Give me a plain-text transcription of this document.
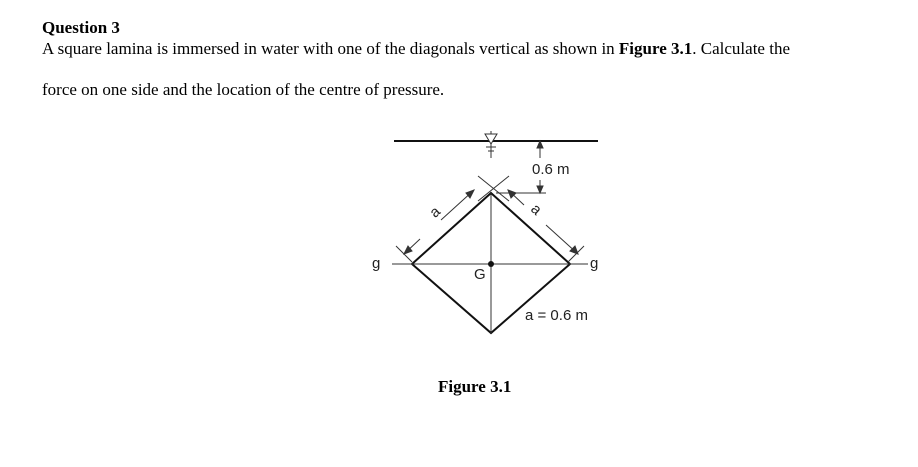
Question 3

A square lamina is immersed in water with one of the diagonals vertical as shown in Figure 3.1. Calculate the
force on one side and the location of the centre of pressure.

0.6 m
a	a
g	g
G
a = 0.6 m

Figure 3.1
